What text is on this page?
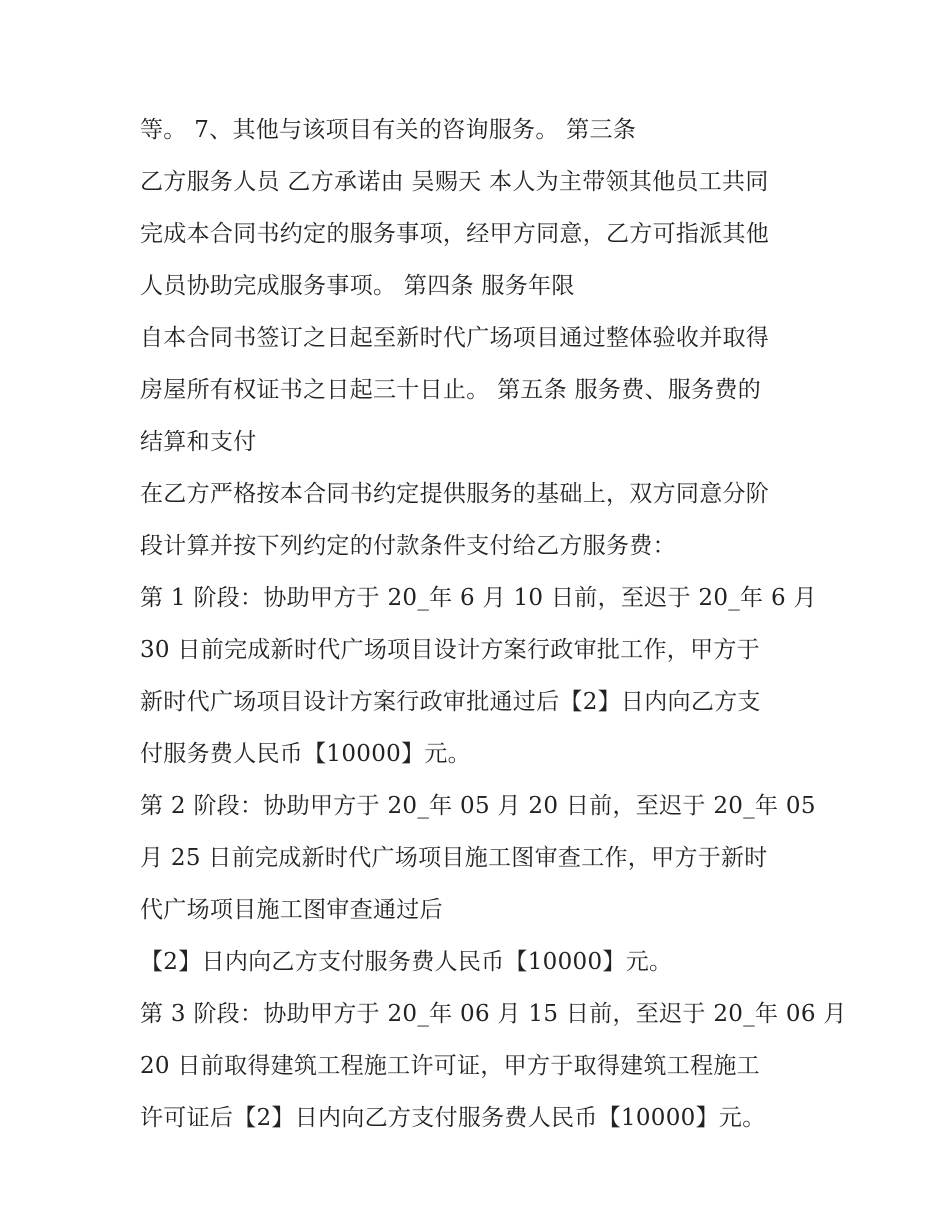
等。 7、其他与该项目有关的咨询服务。 第三条
乙方服务人员 乙方承诺由 吴赐天 本人为主带领其他员工共同
完成本合同书约定的服务事项，经甲方同意，乙方可指派其他
人员协助完成服务事项。 第四条 服务年限
自本合同书签订之日起至新时代广场项目通过整体验收并取得
房屋所有权证书之日起三十日止。 第五条 服务费、服务费的
结算和支付
在乙方严格按本合同书约定提供服务的基础上，双方同意分阶
段计算并按下列约定的付款条件支付给乙方服务费：
第 1 阶段：协助甲方于 20_年 6 月 10 日前，至迟于 20_年 6 月
30 日前完成新时代广场项目设计方案行政审批工作，甲方于
新时代广场项目设计方案行政审批通过后【2】日内向乙方支
付服务费人民币【10000】元。
第 2 阶段：协助甲方于 20_年 05 月 20 日前，至迟于 20_年 05
月 25 日前完成新时代广场项目施工图审查工作，甲方于新时
代广场项目施工图审查通过后
【2】日内向乙方支付服务费人民币【10000】元。
第 3 阶段：协助甲方于 20_年 06 月 15 日前，至迟于 20_年 06 月
20 日前取得建筑工程施工许可证，甲方于取得建筑工程施工
许可证后【2】日内向乙方支付服务费人民币【10000】元。
